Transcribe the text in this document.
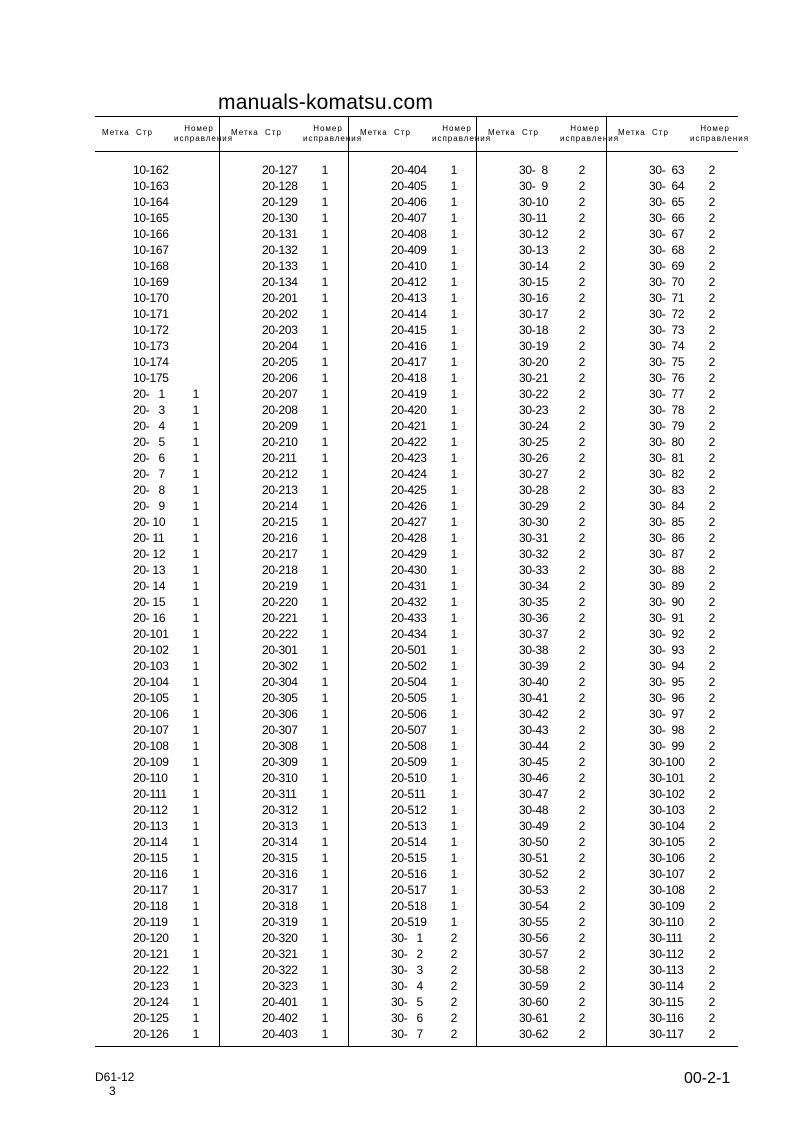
manuals-komatsu.com
Метка Стр	Номер
исправления
10-162
10-163
10-164
10-165
10-166
10-167
10-168
10-169
10-170
10-171
10-172
10-173
10-174
10-175
20-   1	1
20-   3	1
20-   4	1
20-   5	1
20-   6	1
20-   7	1
20-   8	1
20-   9	1
20- 10	1
20- 11	1
20- 12	1
20- 13	1
20- 14	1
20- 15	1
20- 16	1
20-101	1
20-102	1
20-103	1
20-104	1
20-105	1
20-106	1
20-107	1
20-108	1
20-109	1
20-110	1
20-111	1
20-112	1
20-113	1
20-114	1
20-115	1
20-116	1
20-117	1
20-118	1
20-119	1
20-120	1
20-121	1
20-122	1
20-123	1
20-124	1
20-125	1
20-126	1
Метка Стр	Номер
исправления
20-127	1
20-128	1
20-129	1
20-130	1
20-131	1
20-132	1
20-133	1
20-134	1
20-201	1
20-202	1
20-203	1
20-204	1
20-205	1
20-206	1
20-207	1
20-208	1
20-209	1
20-210	1
20-211	1
20-212	1
20-213	1
20-214	1
20-215	1
20-216	1
20-217	1
20-218	1
20-219	1
20-220	1
20-221	1
20-222	1
20-301	1
20-302	1
20-304	1
20-305	1
20-306	1
20-307	1
20-308	1
20-309	1
20-310	1
20-311	1
20-312	1
20-313	1
20-314	1
20-315	1
20-316	1
20-317	1
20-318	1
20-319	1
20-320	1
20-321	1
20-322	1
20-323	1
20-401	1
20-402	1
20-403	1
Метка Стр	Номер
исправления
20-404	1
20-405	1
20-406	1
20-407	1
20-408	1
20-409	1
20-410	1
20-412	1
20-413	1
20-414	1
20-415	1
20-416	1
20-417	1
20-418	1
20-419	1
20-420	1
20-421	1
20-422	1
20-423	1
20-424	1
20-425	1
20-426	1
20-427	1
20-428	1
20-429	1
20-430	1
20-431	1
20-432	1
20-433	1
20-434	1
20-501	1
20-502	1
20-504	1
20-505	1
20-506	1
20-507	1
20-508	1
20-509	1
20-510	1
20-511	1
20-512	1
20-513	1
20-514	1
20-515	1
20-516	1
20-517	1
20-518	1
20-519	1
30-   1	2
30-   2	2
30-   3	2
30-   4	2
30-   5	2
30-   6	2
30-   7	2
Метка Стр	Номер
исправления
30-  8	2
30-  9	2
30-10	2
30-11	2
30-12	2
30-13	2
30-14	2
30-15	2
30-16	2
30-17	2
30-18	2
30-19	2
30-20	2
30-21	2
30-22	2
30-23	2
30-24	2
30-25	2
30-26	2
30-27	2
30-28	2
30-29	2
30-30	2
30-31	2
30-32	2
30-33	2
30-34	2
30-35	2
30-36	2
30-37	2
30-38	2
30-39	2
30-40	2
30-41	2
30-42	2
30-43	2
30-44	2
30-45	2
30-46	2
30-47	2
30-48	2
30-49	2
30-50	2
30-51	2
30-52	2
30-53	2
30-54	2
30-55	2
30-56	2
30-57	2
30-58	2
30-59	2
30-60	2
30-61	2
30-62	2
Метка Стр	Номер
исправления
30-  63	2
30-  64	2
30-  65	2
30-  66	2
30-  67	2
30-  68	2
30-  69	2
30-  70	2
30-  71	2
30-  72	2
30-  73	2
30-  74	2
30-  75	2
30-  76	2
30-  77	2
30-  78	2
30-  79	2
30-  80	2
30-  81	2
30-  82	2
30-  83	2
30-  84	2
30-  85	2
30-  86	2
30-  87	2
30-  88	2
30-  89	2
30-  90	2
30-  91	2
30-  92	2
30-  93	2
30-  94	2
30-  95	2
30-  96	2
30-  97	2
30-  98	2
30-  99	2
30-100	2
30-101	2
30-102	2
30-103	2
30-104	2
30-105	2
30-106	2
30-107	2
30-108	2
30-109	2
30-110	2
30-111	2
30-112	2
30-113	2
30-114	2
30-115	2
30-116	2
30-117	2
D61-12
3
00-2-1
